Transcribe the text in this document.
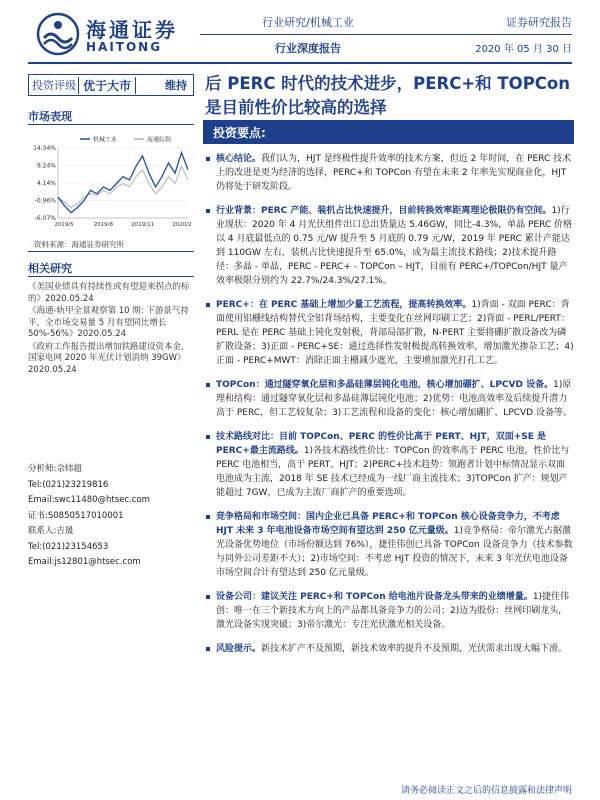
海通证券
HAITONG
行业研究/机械工业
行业深度报告
证券研究报告
2020 年 05 月 30 日
投资评级 优于大市	维持
市场表现
机械工业	海通综指
14.34%
9.24%
4.14%
-0.96%
-6.07%
2019/5	2019/8	2019/11	2020/2
资料来源：海通证券研究所
相关研究
《美国业绩具有持续性或有望迎来拐点的标的》2020.05.24
《海通-轨甲全景观察第 10 期: 下游景气持平，全市场交易量 5 月有望同比增长 50%-56%》2020.05.24
《政府工作报告提出增加铁路建设资本金，国家电网 2020 年光伏计划消纳 39GW》2020.05.24
分析师:佘炜超
Tel:(021)23219816
Email:swc11480@htsec.com
证书:S0850517010001
联系人:吉晟
Tel:(021)23154653
Email:js12801@htsec.com
后 PERC 时代的技术进步，PERC+和 TOPCon 是目前性价比较高的选择
投资要点:
核心结论。我们认为，HJT 是终极性提升效率的技术方案，但近 2 年时间，在 PERC 技术上的改进是更为经济的选择，PERC+和 TOPCon 有望在未来 2 年率先实现商业化，HJT 仍将处于研发阶段。
行业背景：PERC 产能、装机占比快速提升，目前转换效率距离理论极限仍有空间。1)行业现状：2020 年 4 月光伏组件出口总出货量达 5.46GW，同比-4.3%，单晶 PERC 价格以 4 月底最低点的 0.75 元/W 提升至 5 月底的 0.79 元/W，2019 年 PERC 累计产能达到 110GW 左右，装机占比快速提升至 65.0%，成为最主流技术路线；2)技术提升路径：多晶 - 单晶，PERC - PERC+ - TOPCon – HJT，目前有 PERC+/TOPCon/HJT 量产效率极限分别约为 22.7%/24.3%/27.1%。
PERC+：在 PERC 基础上增加少量工艺流程，提高转换效率。1)背面 - 双面 PERC：背面使用铝栅线结构替代全铝背场结构，主要变化在丝网印刷工艺；2)背面 - PERL/PERT：PERL 是在 PERC 基础上钝化发射极，背部局部扩散，N-PERT 主要将硼扩散设备改为磷扩散设备；3)正面 - PERC+SE：通过选择性发射极提高转换效率，增加激光掺杂工艺；4)正面 - PERC+MWT：消除正面主栅减少遮光，主要增加激光打孔工艺。
TOPCon：通过隧穿氧化层和多晶硅薄层钝化电池，核心增加硼扩、LPCVD 设备。1)原理和结构：通过隧穿氧化层和多晶硅薄层钝化电池；2)优势：电池高效率及后续提升潜力高于 PERC，但工艺较复杂；3)工艺流程和设备的变化：核心增加硼扩、LPCVD 设备等。
技术路线对比：目前 TOPCon、PERC 的性价比高于 PERT、HJT，双面+SE 是 PERC+最主流路线。1)各技术路线性价比：TOPCon 的效率高于 PERC 电池，性价比与 PERC 电池相当，高于 PERT、HJT；2)PERC+技术趋势：领跑者计划中标情况显示双面电池成为主流，2018 年 SE 技术已经成为一线厂商主流技术；3)TOPCon 扩产：规划产能超过 7GW，已成为主流厂商扩产的重要选项。
竞争格局和市场空间：国内企业已具备 PERC+和 TOPCon 核心设备竞争力，不考虑 HJT 未来 3 年电池设备市场空间有望达到 250 亿元量级。1)竞争格局：帝尔激光占据激光设备优势地位（市场份额达到 76%），捷佳伟创已具备 TOPCon 设备竞争力（技术参数与同外公司差距不大）；2)市场空间：不考虑 HJT 投资的情况下，未来 3 年光伏电池设备市场空间合计有望达到 250 亿元量级。
设备公司：建议关注 PERC+和 TOPCon 给电池片设备龙头带来的业绩增量。1)捷佳伟创：唯一在三个新技术方向上的产品都具备竞争力的公司；2)迈为股份：丝网印刷龙头，激光设备实现突破；3)帝尔激光：专注光伏激光相关设备。
风险提示。新技术扩产不及预期，新技术效率的提升不及预期，光伏需求出现大幅下滑。
请务必阅读正文之后的信息披露和法律声明
